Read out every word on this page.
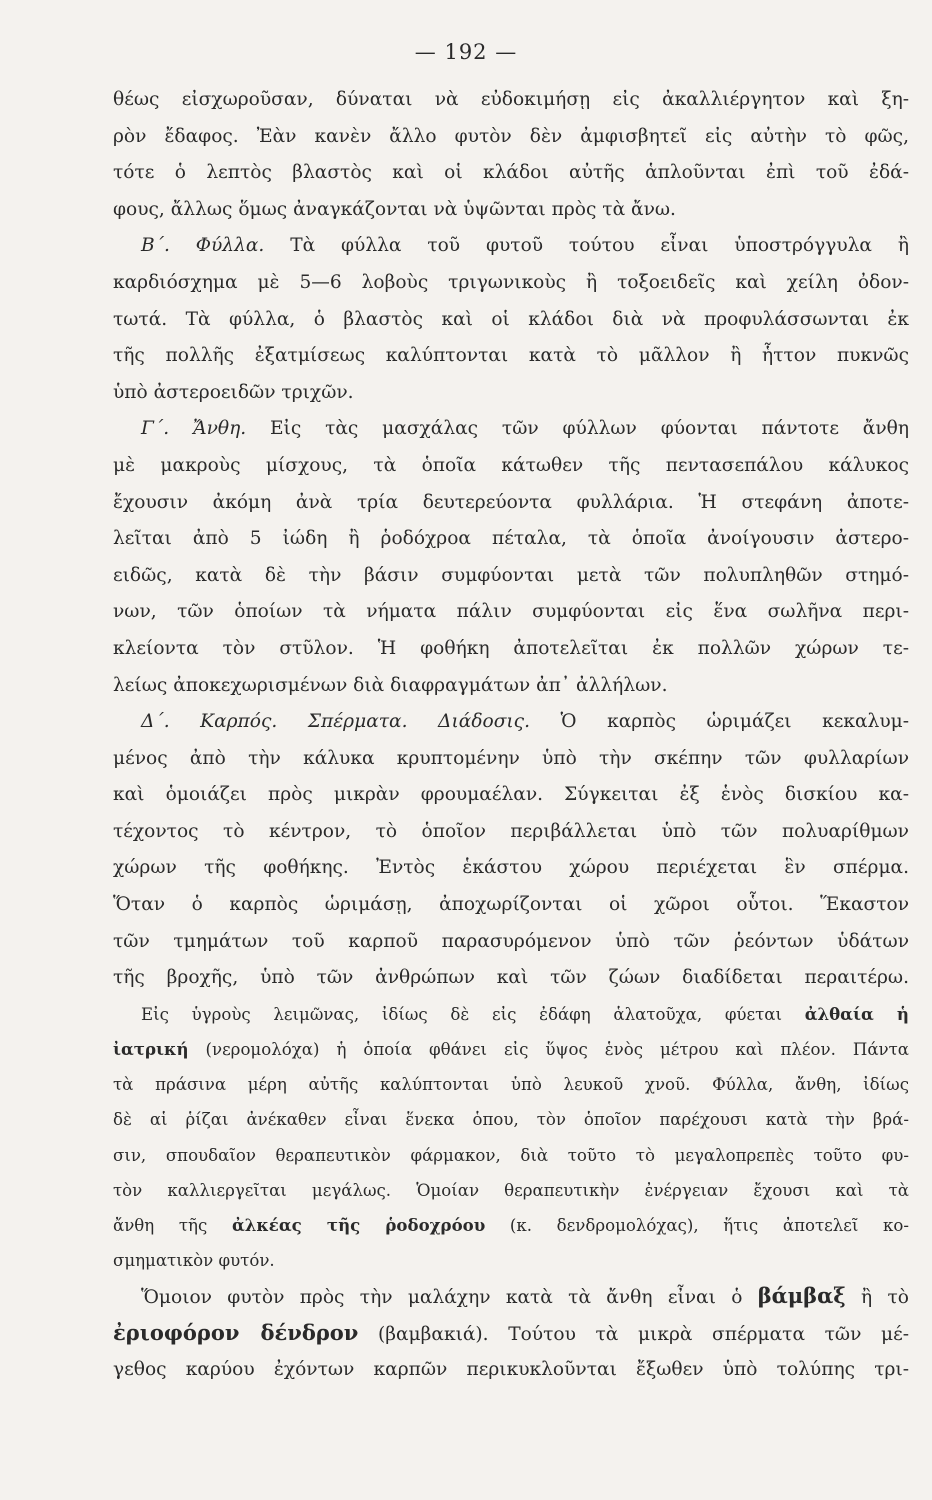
— 192 —
θέως εἰσχωροῦσαν, δύναται νὰ εὐδοκιμήσῃ εἰς ἀκαλλιέργητον καὶ ξη-
ρὸν ἔδαφος. Ἐὰν κανὲν ἄλλο φυτὸν δὲν ἀμφισβητεῖ εἰς αὐτὴν τὸ φῶς,
τότε ὁ λεπτὸς βλαστὸς καὶ οἱ κλάδοι αὐτῆς ἁπλοῦνται ἐπὶ τοῦ ἐδά-
φους, ἄλλως ὅμως ἀναγκάζονται νὰ ὑψῶνται πρὸς τὰ ἄνω.
Β΄. Φύλλα. Τὰ φύλλα τοῦ φυτοῦ τούτου εἶναι ὑποστρόγγυλα ἢ
καρδιόσχημα μὲ 5—6 λοβοὺς τριγωνικοὺς ἢ τοξοειδεῖς καὶ χείλη ὀδον-
τωτά. Τὰ φύλλα, ὁ βλαστὸς καὶ οἱ κλάδοι διὰ νὰ προφυλάσσωνται ἐκ
τῆς πολλῆς ἐξατμίσεως καλύπτονται κατὰ τὸ μᾶλλον ἢ ἧττον πυκνῶς
ὑπὸ ἀστεροειδῶν τριχῶν.
Γ΄. Ἄνθη. Εἰς τὰς μασχάλας τῶν φύλλων φύονται πάντοτε ἄνθη
μὲ μακροὺς μίσχους, τὰ ὁποῖα κάτωθεν τῆς πεντασεπάλου κάλυκος
ἔχουσιν ἀκόμη ἀνὰ τρία δευτερεύοντα φυλλάρια. Ἡ στεφάνη ἀποτε-
λεῖται ἀπὸ 5 ἰώδη ἢ ῥοδόχροα πέταλα, τὰ ὁποῖα ἀνοίγουσιν ἀστερο-
ειδῶς, κατὰ δὲ τὴν βάσιν συμφύονται μετὰ τῶν πολυπληθῶν στημό-
νων, τῶν ὁποίων τὰ νήματα πάλιν συμφύονται εἰς ἕνα σωλῆνα περι-
κλείοντα τὸν στῦλον. Ἡ φοθήκη ἀποτελεῖται ἐκ πολλῶν χώρων τε-
λείως ἀποκεχωρισμένων διὰ διαφραγμάτων ἀπ᾿ ἀλλήλων.
Δ΄. Καρπός. Σπέρματα. Διάδοσις. Ὁ καρπὸς ὡριμάζει κεκαλυμ-
μένος ἀπὸ τὴν κάλυκα κρυπτομένην ὑπὸ τὴν σκέπην τῶν φυλλαρίων
καὶ ὁμοιάζει πρὸς μικρὰν φρουμαέλαν. Σύγκειται ἐξ ἑνὸς δισκίου κα-
τέχοντος τὸ κέντρον, τὸ ὁποῖον περιβάλλεται ὑπὸ τῶν πολυαρίθμων
χώρων τῆς φοθήκης. Ἐντὸς ἑκάστου χώρου περιέχεται ἓν σπέρμα.
Ὅταν ὁ καρπὸς ὡριμάσῃ, ἀποχωρίζονται οἱ χῶροι οὗτοι. Ἕκαστον
τῶν τμημάτων τοῦ καρποῦ παρασυρόμενον ὑπὸ τῶν ῥεόντων ὑδάτων
τῆς βροχῆς, ὑπὸ τῶν ἀνθρώπων καὶ τῶν ζώων διαδίδεται περαιτέρω.
Εἰς ὑγροὺς λειμῶνας, ἰδίως δὲ εἰς ἐδάφη ἁλατοῦχα, φύεται ἀλθαία ἡ
ἰατρική (νερομολόχα) ἡ ὁποία φθάνει εἰς ὕψος ἑνὸς μέτρου καὶ πλέον. Πάντα
τὰ πράσινα μέρη αὐτῆς καλύπτονται ὑπὸ λευκοῦ χνοῦ. Φύλλα, ἄνθη, ἰδίως
δὲ αἱ ῥίζαι ἀνέκαθεν εἶναι ἕνεκα ὁπου, τὸν ὁποῖον παρέχουσι κατὰ τὴν βρά-
σιν, σπουδαῖον θεραπευτικὸν φάρμακον, διὰ τοῦτο τὸ μεγαλοπρεπὲς τοῦτο φυ-
τὸν καλλιεργεῖται μεγάλως. Ὁμοίαν θεραπευτικὴν ἐνέργειαν ἔχουσι καὶ τὰ
ἄνθη τῆς ἀλκέας τῆς ῥοδοχρόου (κ. δενδρομολόχας), ἥτις ἀποτελεῖ κο-
σμηματικὸν φυτόν.
Ὅμοιον φυτὸν πρὸς τὴν μαλάχην κατὰ τὰ ἄνθη εἶναι ὁ βάμβαξ ἢ τὸ
ἐριοφόρον δένδρον (βαμβακιά). Τούτου τὰ μικρὰ σπέρματα τῶν μέ-
γεθος καρύου ἐχόντων καρπῶν περικυκλοῦνται ἔξωθεν ὑπὸ τολύπης τρι-
